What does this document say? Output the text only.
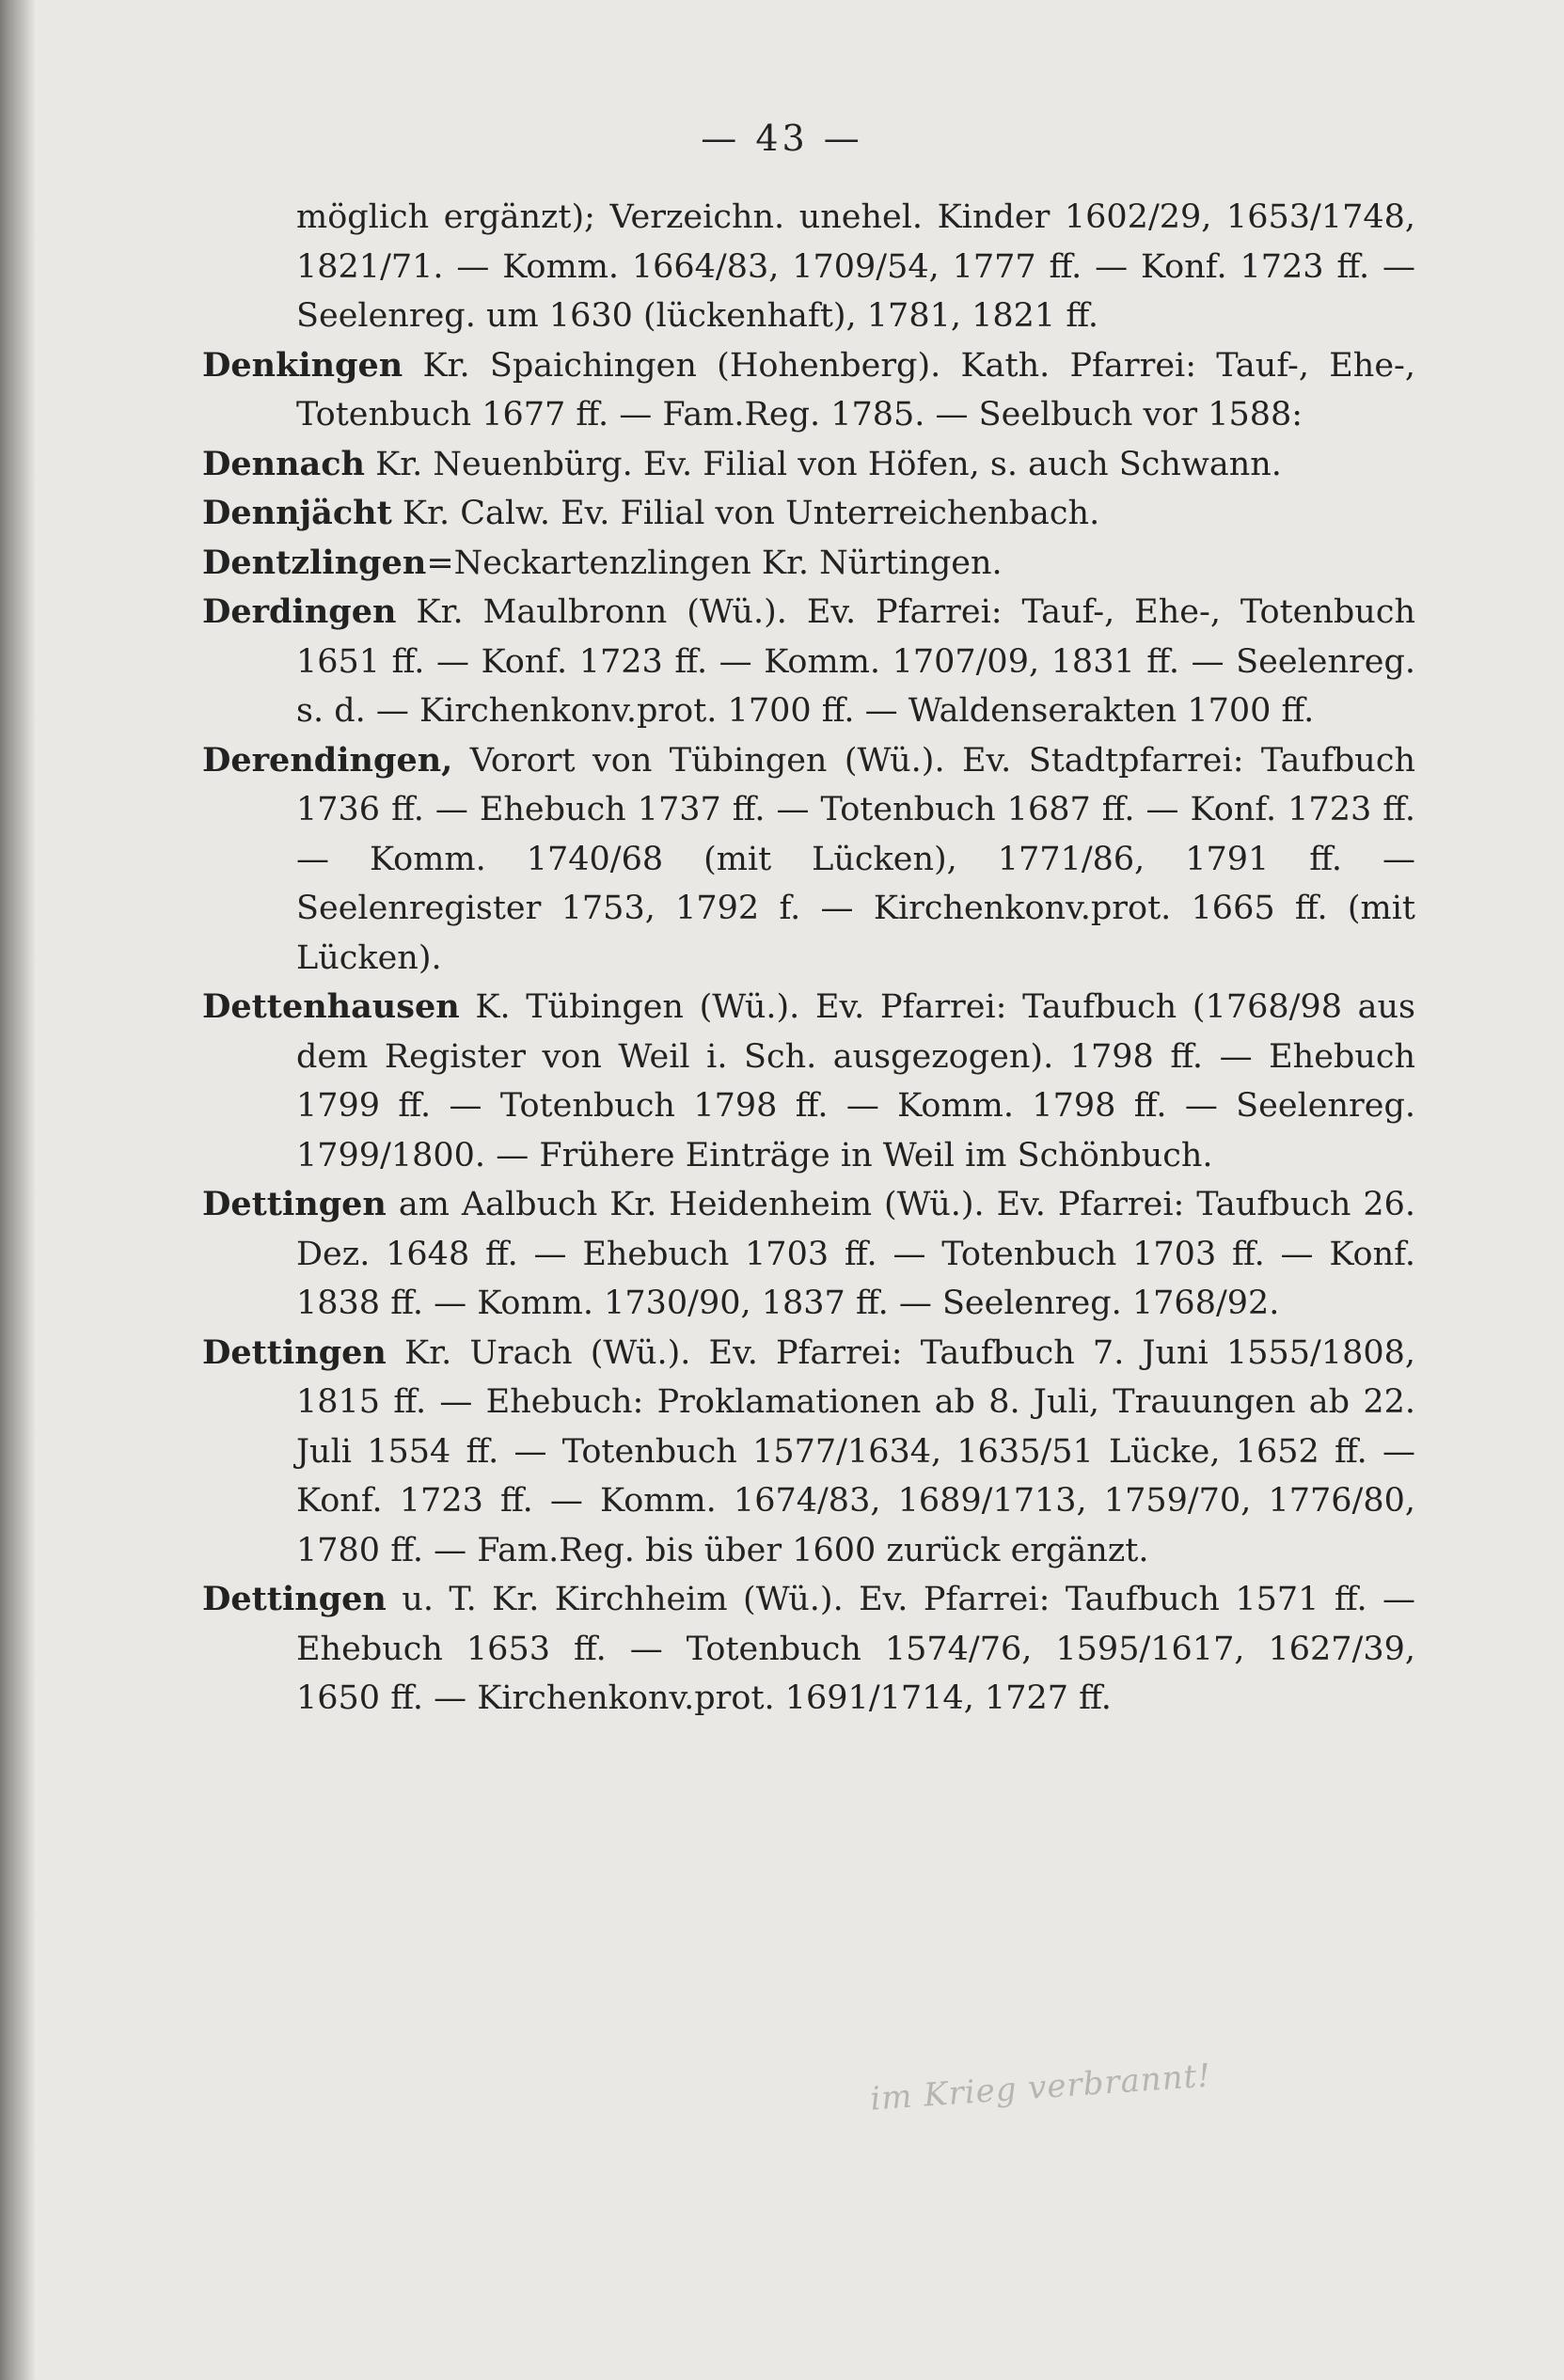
— 43 —
möglich ergänzt); Verzeichn. unehel. Kinder 1602/29, 1653/1748, 1821/71. — Komm. 1664/83, 1709/54, 1777 ff. — Konf. 1723 ff. — Seelenreg. um 1630 (lückenhaft), 1781, 1821 ff.
Denkingen Kr. Spaichingen (Hohenberg). Kath. Pfarrei: Tauf-, Ehe-, Totenbuch 1677 ff. — Fam.Reg. 1785. — Seelbuch vor 1588:
Dennach Kr. Neuenbürg. Ev. Filial von Höfen, s. auch Schwann.
Dennjächt Kr. Calw. Ev. Filial von Unterreichenbach.
Dentzlingen=Neckartenzlingen Kr. Nürtingen.
Derdingen Kr. Maulbronn (Wü.). Ev. Pfarrei: Tauf-, Ehe-, Totenbuch 1651 ff. — Konf. 1723 ff. — Komm. 1707/09, 1831 ff. — Seelenreg. s. d. — Kirchenkonv.prot. 1700 ff. — Waldenserakten 1700 ff.
Derendingen, Vorort von Tübingen (Wü.). Ev. Stadtpfarrei: Taufbuch 1736 ff. — Ehebuch 1737 ff. — Totenbuch 1687 ff. — Konf. 1723 ff. — Komm. 1740/68 (mit Lücken), 1771/86, 1791 ff. — Seelenregister 1753, 1792 f. — Kirchenkonv.prot. 1665 ff. (mit Lücken).
Dettenhausen K. Tübingen (Wü.). Ev. Pfarrei: Taufbuch (1768/98 aus dem Register von Weil i. Sch. ausgezogen). 1798 ff. — Ehebuch 1799 ff. — Totenbuch 1798 ff. — Komm. 1798 ff. — Seelenreg. 1799/1800. — Frühere Einträge in Weil im Schönbuch.
Dettingen am Aalbuch Kr. Heidenheim (Wü.). Ev. Pfarrei: Taufbuch 26. Dez. 1648 ff. — Ehebuch 1703 ff. — Totenbuch 1703 ff. — Konf. 1838 ff. — Komm. 1730/90, 1837 ff. — Seelenreg. 1768/92.
Dettingen Kr. Urach (Wü.). Ev. Pfarrei: Taufbuch 7. Juni 1555/1808, 1815 ff. — Ehebuch: Proklamationen ab 8. Juli, Trauungen ab 22. Juli 1554 ff. — Totenbuch 1577/1634, 1635/51 Lücke, 1652 ff. — Konf. 1723 ff. — Komm. 1674/83, 1689/1713, 1759/70, 1776/80, 1780 ff. — Fam.Reg. bis über 1600 zurück ergänzt.
Dettingen u. T. Kr. Kirchheim (Wü.). Ev. Pfarrei: Taufbuch 1571 ff. — Ehebuch 1653 ff. — Totenbuch 1574/76, 1595/1617, 1627/39, 1650 ff. — Kirchenkonv.prot. 1691/1714, 1727 ff.
im Krieg verbrannt!
